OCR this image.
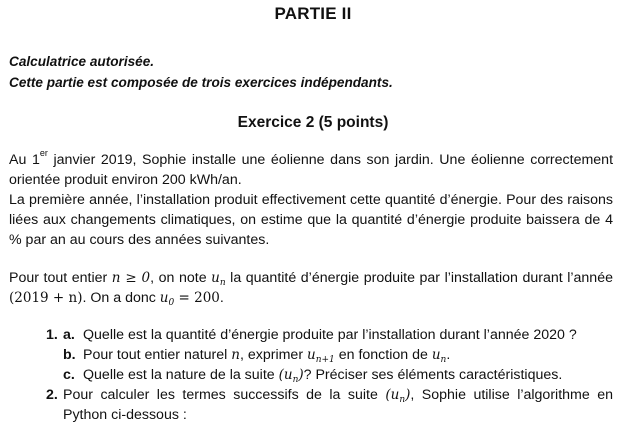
PARTIE II
Calculatrice autorisée.
Cette partie est composée de trois exercices indépendants.
Exercice 2 (5 points)
Au 1er janvier 2019, Sophie installe une éolienne dans son jardin. Une éolienne correctement orientée produit environ 200 kWh/an.
La première année, l’installation produit effectivement cette quantité d’énergie. Pour des raisons liées aux changements climatiques, on estime que la quantité d’énergie produite baissera de 4 % par an au cours des années suivantes.
Pour tout entier n ≥ 0, on note $u_n$ la quantité d’énergie produite par l’installation durant l’année (2019 + n). On a donc $u_0 = 200$.
1. a. Quelle est la quantité d’énergie produite par l’installation durant l’année 2020 ?
b. Pour tout entier naturel n, exprimer $u_{n+1}$ en fonction de $u_n$.
c. Quelle est la nature de la suite $(u_n)$? Préciser ses éléments caractéristiques.
2. Pour calculer les termes successifs de la suite $(u_n)$, Sophie utilise l’algorithme en Python ci-dessous :
